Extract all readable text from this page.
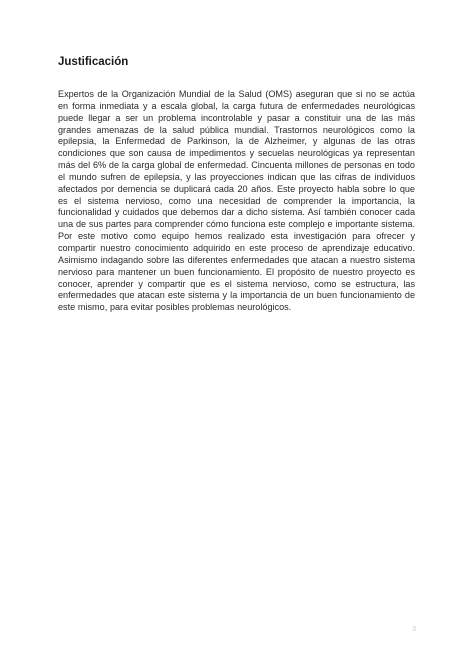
Justificación

Expertos de la Organización Mundial de la Salud (OMS) aseguran que si no se actúa en forma inmediata y a escala global, la carga futura de enfermedades neurológicas puede llegar a ser un problema incontrolable y pasar a constituir una de las más grandes amenazas de la salud pública mundial. Trastornos neurológicos como la epilepsia, la Enfermedad de Parkinson, la de Alzheimer, y algunas de las otras condiciones que son causa de impedimentos y secuelas neurológicas ya representan más del 6% de la carga global de enfermedad. Cincuenta millones de personas en todo el mundo sufren de epilepsia, y las proyecciones indican que las cifras de individuos afectados por demencia se duplicará cada 20 años. Este proyecto habla sobre lo que es el sistema nervioso, como una necesidad de comprender la importancia, la funcionalidad y cuidados que debemos dar a dicho sistema. Así también conocer cada una de sus partes para comprender cómo funciona este complejo e importante sistema. Por este motivo como equipo hemos realizado esta investigación para ofrecer y compartir nuestro conocimiento adquirido en este proceso de aprendizaje educativo. Asimismo indagando sobre las diferentes enfermedades que atacan a nuestro sistema nervioso para mantener un buen funcionamiento. El propósito de nuestro proyecto es conocer, aprender y compartir que es el sistema nervioso, como se estructura, las enfermedades que atacan este sistema y la importancia de un buen funcionamiento de este mismo, para evitar posibles problemas neurológicos.

3
